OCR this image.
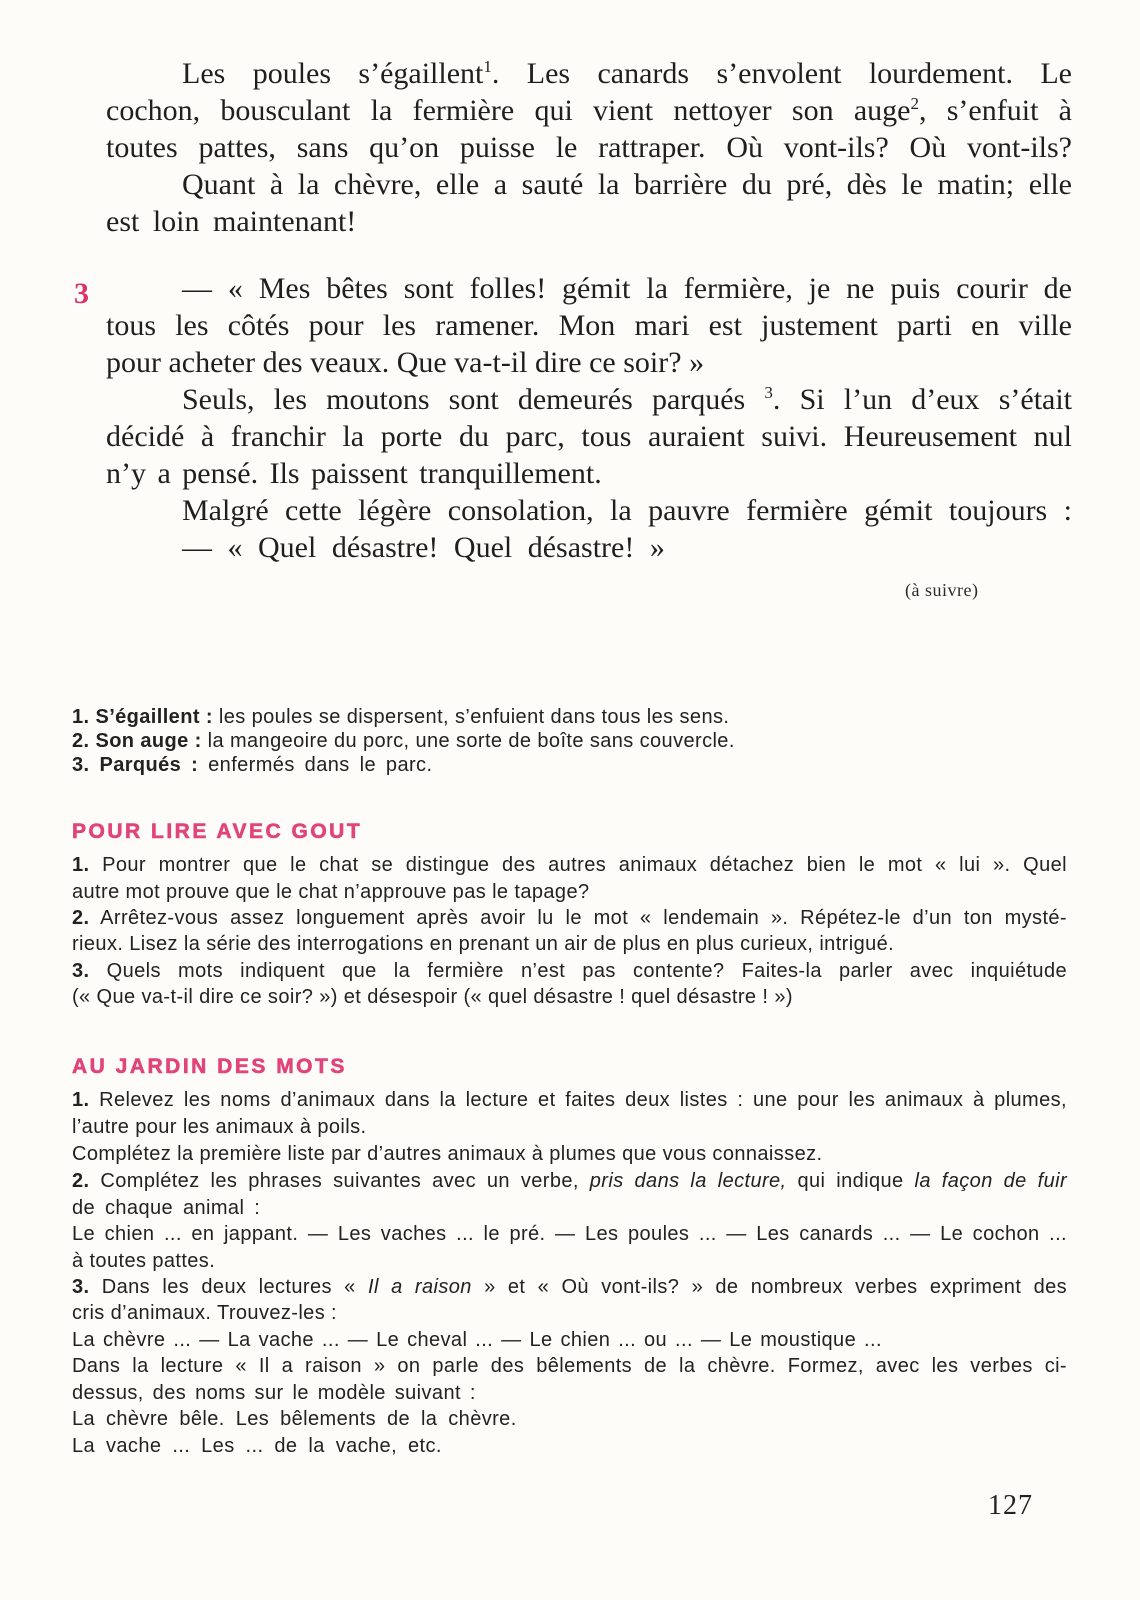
Les poules s’égaillent$^1$. Les canards s’envolent lourdement. Le
cochon, bousculant la fermière qui vient nettoyer son auge$^2$, s’enfuit à
toutes pattes, sans qu’on puisse le rattraper. Où vont-ils? Où vont-ils?
Quant à la chèvre, elle a sauté la barrière du pré, dès le matin; elle
est loin maintenant!
— « Mes bêtes sont folles! gémit la fermière, je ne puis courir de
tous les côtés pour les ramener. Mon mari est justement parti en ville
pour acheter des veaux. Que va-t-il dire ce soir? »
Seuls, les moutons sont demeurés parqués $^3$. Si l’un d’eux s’était
décidé à franchir la porte du parc, tous auraient suivi. Heureusement nul
n’y a pensé. Ils paissent tranquillement.
Malgré cette légère consolation, la pauvre fermière gémit toujours :
— « Quel désastre! Quel désastre! »
3
(à suivre)
1. S’égaillent : les poules se dispersent, s’enfuient dans tous les sens.
2. Son auge : la mangeoire du porc, une sorte de boîte sans couvercle.
3. Parqués : enfermés dans le parc.
POUR LIRE AVEC GOUT
1. Pour montrer que le chat se distingue des autres animaux détachez bien le mot « lui ». Quel
autre mot prouve que le chat n’approuve pas le tapage?
2. Arrêtez-vous assez longuement après avoir lu le mot « lendemain ». Répétez-le d’un ton mysté-
rieux. Lisez la série des interrogations en prenant un air de plus en plus curieux, intrigué.
3. Quels mots indiquent que la fermière n’est pas contente? Faites-la parler avec inquiétude
(« Que va-t-il dire ce soir? ») et désespoir (« quel désastre ! quel désastre ! »)
AU JARDIN DES MOTS
1. Relevez les noms d’animaux dans la lecture et faites deux listes : une pour les animaux à plumes,
l’autre pour les animaux à poils.
Complétez la première liste par d’autres animaux à plumes que vous connaissez.
2. Complétez les phrases suivantes avec un verbe, pris dans la lecture, qui indique la façon de fuir
de chaque animal :
Le chien ... en jappant. — Les vaches ... le pré. — Les poules ... — Les canards ... — Le cochon ...
à toutes pattes.
3. Dans les deux lectures « Il a raison » et « Où vont-ils? » de nombreux verbes expriment des
cris d’animaux. Trouvez-les :
La chèvre ... — La vache ... — Le cheval ... — Le chien ... ou ... — Le moustique ...
Dans la lecture « Il a raison » on parle des bêlements de la chèvre. Formez, avec les verbes ci-
dessus, des noms sur le modèle suivant :
La chèvre bêle. Les bêlements de la chèvre.
La vache ... Les ... de la vache, etc.
127
